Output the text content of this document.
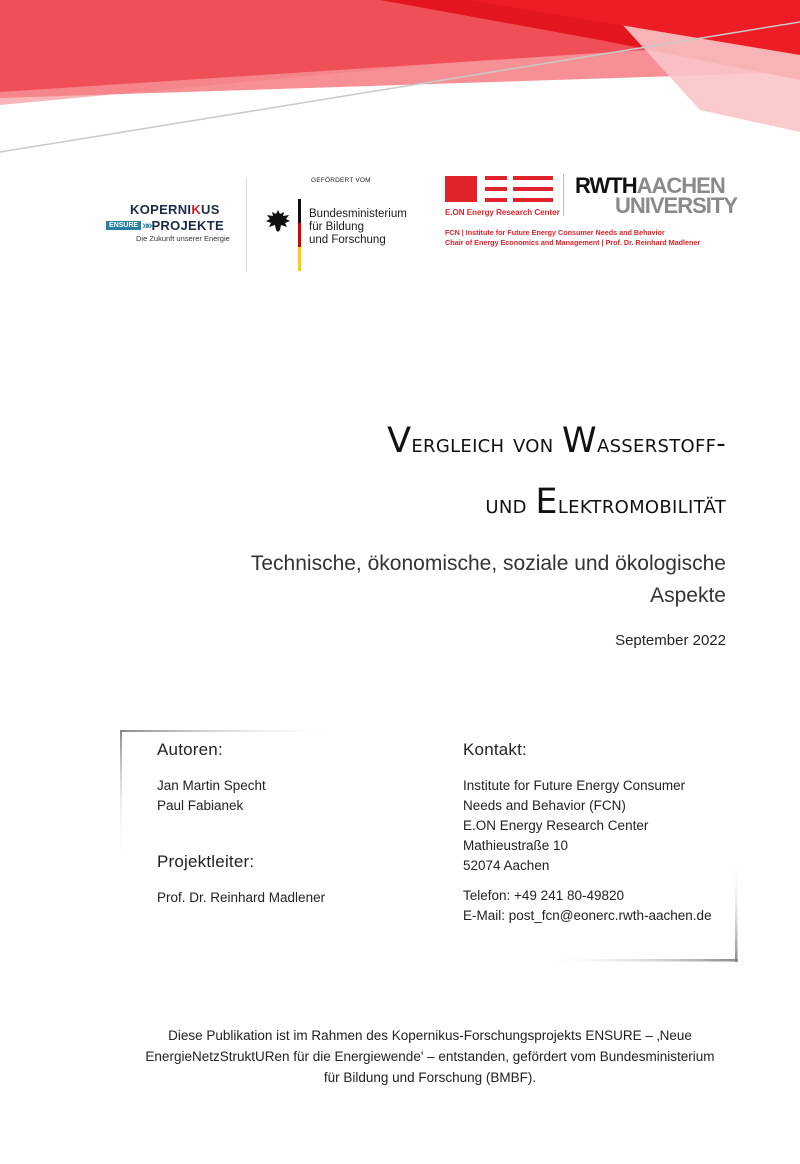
KOPERNIKUS
ENSURE »» PROJEKTE
Die Zukunft unserer Energie
GEFÖRDERT VOM
Bundesministerium
für Bildung
und Forschung
E.ON Energy Research Center
RWTHAACHEN
UNIVERSITY
FCN | Institute for Future Energy Consumer Needs and Behavior
Chair of Energy Economics and Management | Prof. Dr. Reinhard Madlener
Vergleich von Wasserstoff-
und Elektromobilität
Technische, ökonomische, soziale und ökologische
Aspekte
September 2022
Autoren:
Jan Martin Specht
Paul Fabianek
Projektleiter:
Prof. Dr. Reinhard Madlener
Kontakt:
Institute for Future Energy Consumer
Needs and Behavior (FCN)
E.ON Energy Research Center
Mathieustraße 10
52074 Aachen
Telefon: +49 241 80-49820
E-Mail: post_fcn@eonerc.rwth-aachen.de
Diese Publikation ist im Rahmen des Kopernikus-Forschungsprojekts ENSURE – ‚Neue
EnergieNetzStruktURen für die Energiewende' – entstanden, gefördert vom Bundesministerium
für Bildung und Forschung (BMBF).
